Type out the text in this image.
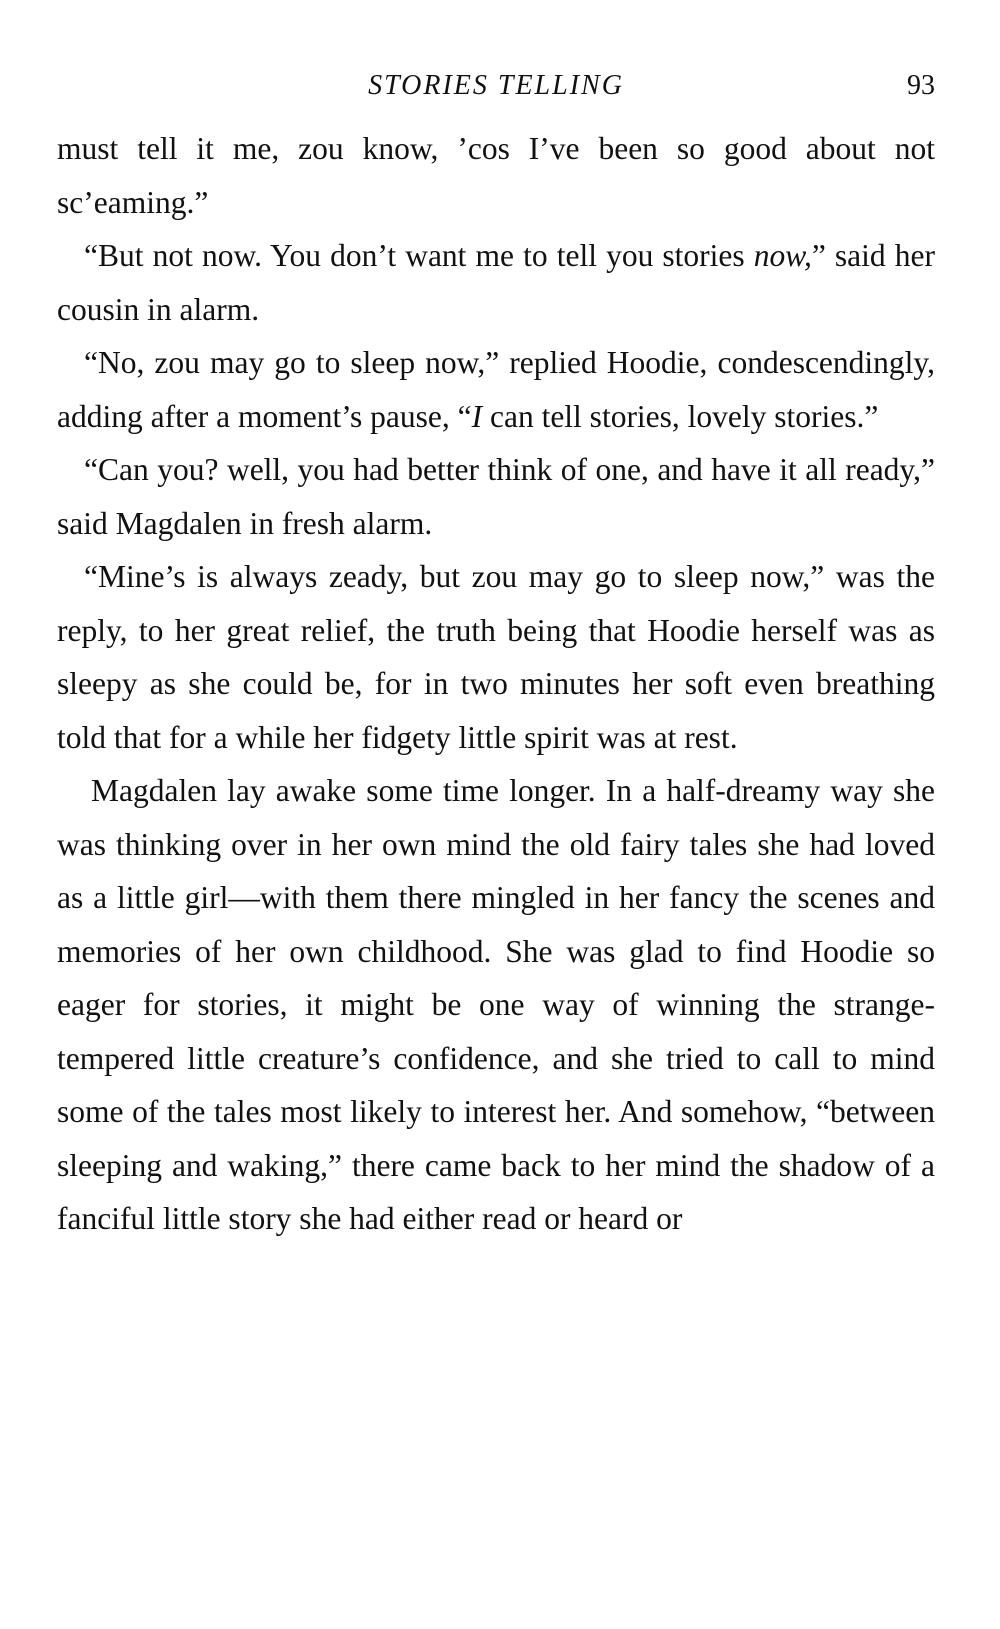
STORIES TELLING	93

must tell it me, zou know, ’cos I’ve been so good about not sc’eaming.”

“But not now. You don’t want me to tell you stories now,” said her cousin in alarm.

“No, zou may go to sleep now,” replied Hoodie, condescendingly, adding after a moment’s pause, “I can tell stories, lovely stories.”

“Can you? well, you had better think of one, and have it all ready,” said Magdalen in fresh alarm.

“Mine’s is always zeady, but zou may go to sleep now,” was the reply, to her great relief, the truth being that Hoodie herself was as sleepy as she could be, for in two minutes her soft even breathing told that for a while her fidgety little spirit was at rest.

Magdalen lay awake some time longer. In a half-dreamy way she was thinking over in her own mind the old fairy tales she had loved as a little girl—with them there mingled in her fancy the scenes and memories of her own childhood. She was glad to find Hoodie so eager for stories, it might be one way of winning the strange-tempered little creature’s confidence, and she tried to call to mind some of the tales most likely to interest her. And somehow, “between sleeping and waking,” there came back to her mind the shadow of a fanciful little story she had either read or heard or
